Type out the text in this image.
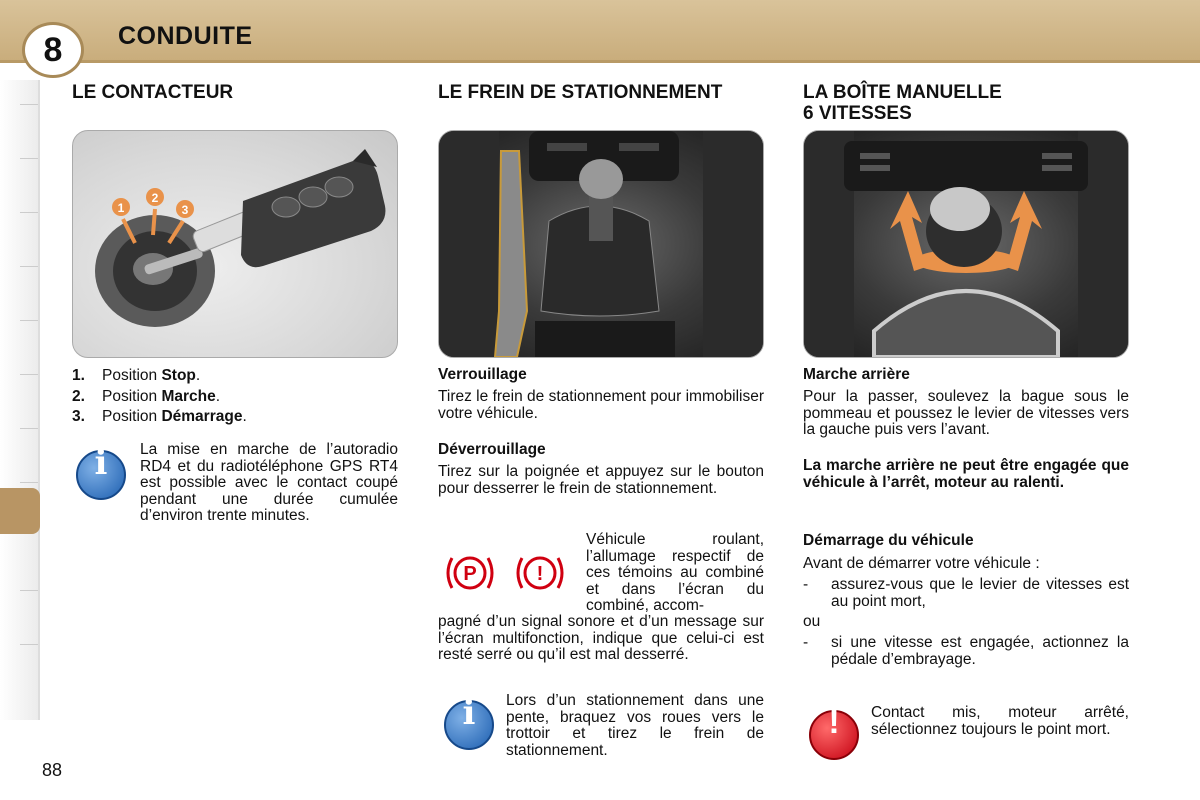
8	CONDUITE
LE CONTACTEUR
1
2
3
1.	Position Stop.
2.	Position Marche.
3.	Position Démarrage.
i	La mise en marche de l’autoradio RD4 et du radiotéléphone GPS RT4 est possible avec le contact coupé pendant une durée cumulée d’environ trente minutes.
LE FREIN DE STATIONNEMENT
Verrouillage
Tirez le frein de stationnement pour immobiliser votre véhicule.
Déverrouillage
Tirez sur la poignée et appuyez sur le bouton pour desserrer le frein de stationnement.
P	!
Véhicule roulant, l’allumage respectif de ces témoins au combiné et dans l’écran du combiné, accom-
pagné d’un signal sonore et d’un message sur l’écran multifonction, indique que celui-ci est resté serré ou qu’il est mal desserré.
i	Lors d’un stationnement dans une pente, braquez vos roues vers le trottoir et tirez le frein de stationnement.
LA BOÎTE MANUELLE
6 VITESSES
Marche arrière
Pour la passer, soulevez la bague sous le pommeau et poussez le levier de vitesses vers la gauche puis vers l’avant.
La marche arrière ne peut être engagée que véhicule à l’arrêt, moteur au ralenti.
Démarrage du véhicule
Avant de démarrer votre véhicule :
- assurez-vous que le levier de vitesses est au point mort,
ou
- si une vitesse est engagée, actionnez la pédale d’embrayage.
!	Contact mis, moteur arrêté, sélectionnez toujours le point mort.
88
